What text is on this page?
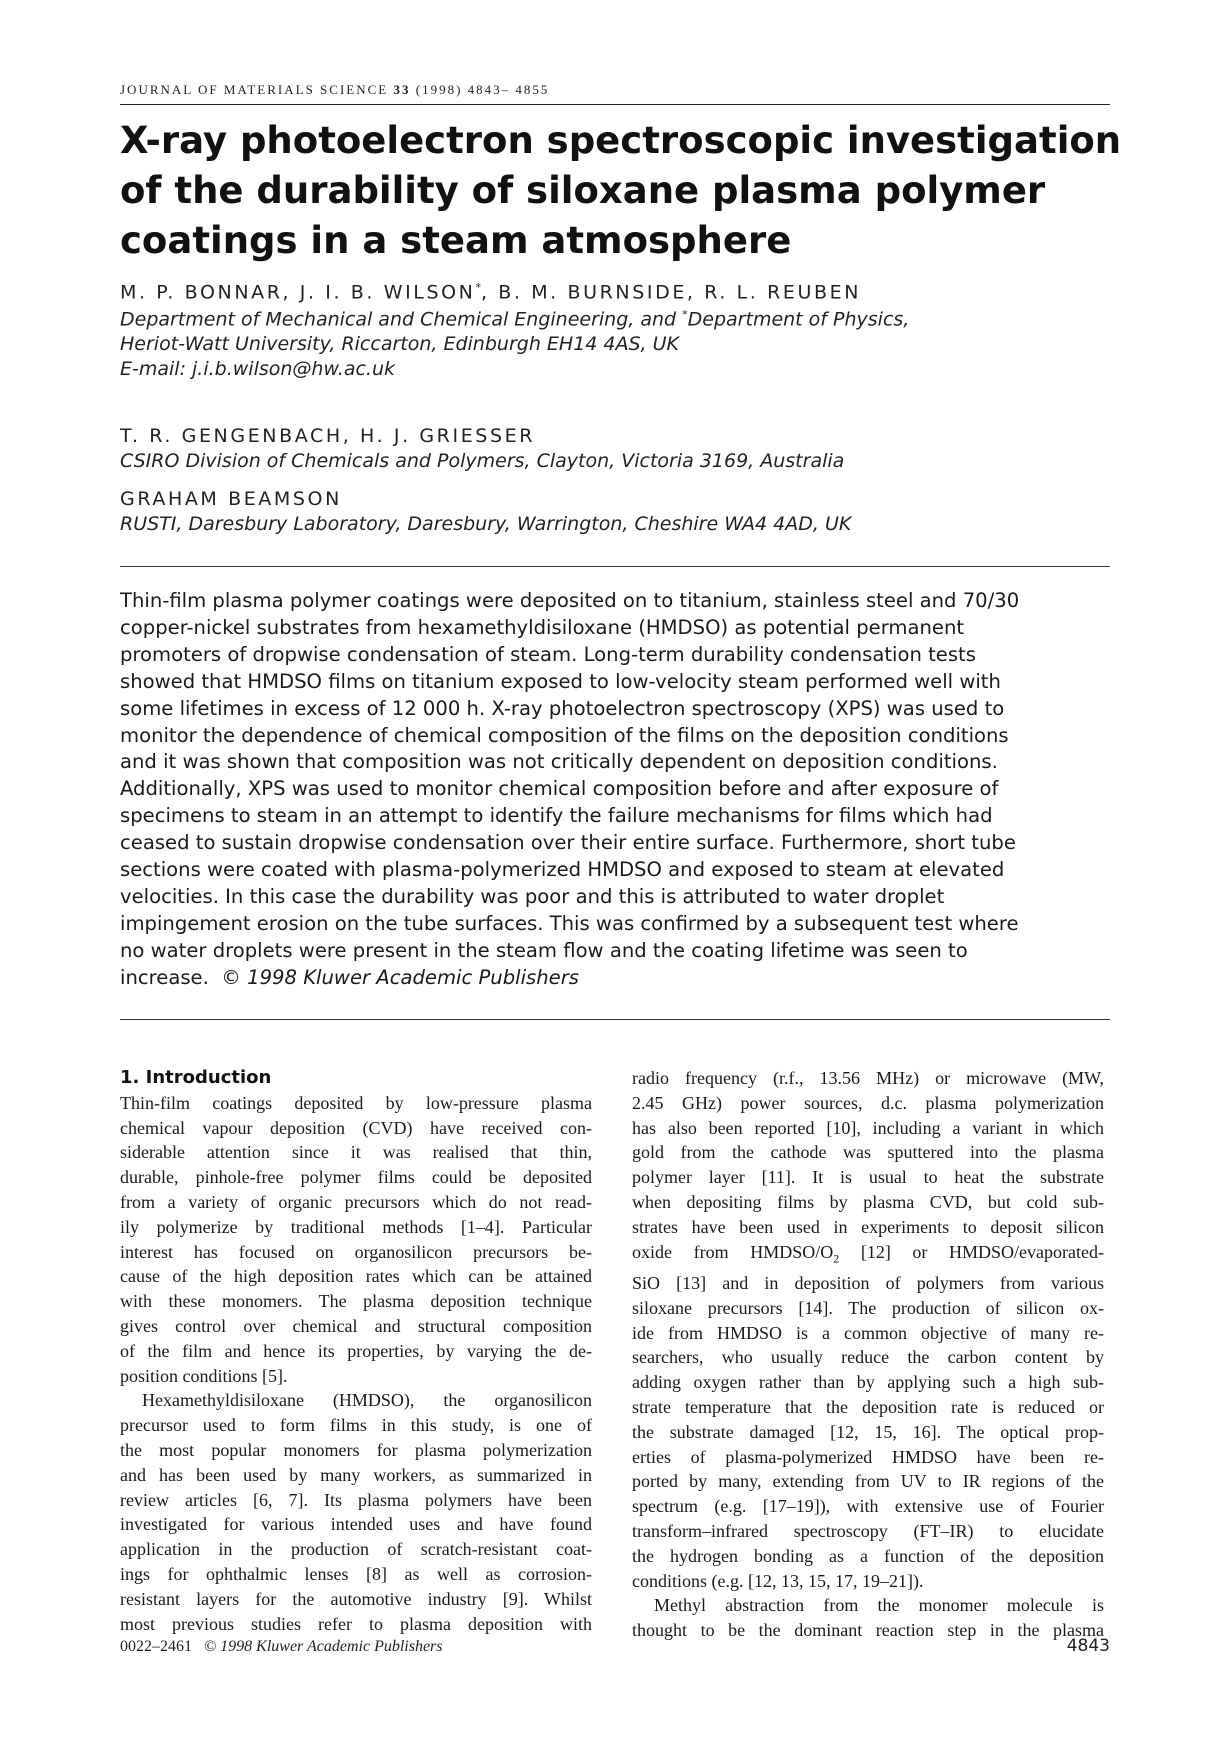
JOURNAL OF MATERIALS SCIENCE 33 (1998) 4843– 4855
X-ray photoelectron spectroscopic investigation
of the durability of siloxane plasma polymer
coatings in a steam atmosphere
M. P. BONNAR, J. I. B. WILSON*, B. M. BURNSIDE, R. L. REUBEN
Department of Mechanical and Chemical Engineering, and *Department of Physics,
Heriot-Watt University, Riccarton, Edinburgh EH14 4AS, UK
E-mail: j.i.b.wilson@hw.ac.uk
T. R. GENGENBACH, H. J. GRIESSER
CSIRO Division of Chemicals and Polymers, Clayton, Victoria 3169, Australia
GRAHAM BEAMSON
RUSTI, Daresbury Laboratory, Daresbury, Warrington, Cheshire WA4 4AD, UK
Thin-film plasma polymer coatings were deposited on to titanium, stainless steel and 70/30
copper-nickel substrates from hexamethyldisiloxane (HMDSO) as potential permanent
promoters of dropwise condensation of steam. Long-term durability condensation tests
showed that HMDSO films on titanium exposed to low-velocity steam performed well with
some lifetimes in excess of 12 000 h. X-ray photoelectron spectroscopy (XPS) was used to
monitor the dependence of chemical composition of the films on the deposition conditions
and it was shown that composition was not critically dependent on deposition conditions.
Additionally, XPS was used to monitor chemical composition before and after exposure of
specimens to steam in an attempt to identify the failure mechanisms for films which had
ceased to sustain dropwise condensation over their entire surface. Furthermore, short tube
sections were coated with plasma-polymerized HMDSO and exposed to steam at elevated
velocities. In this case the durability was poor and this is attributed to water droplet
impingement erosion on the tube surfaces. This was confirmed by a subsequent test where
no water droplets were present in the steam flow and the coating lifetime was seen to
increase. © 1998 Kluwer Academic Publishers
1. Introduction
Thin-film coatings deposited by low-pressure plasma
chemical vapour deposition (CVD) have received con-
siderable attention since it was realised that thin,
durable, pinhole-free polymer films could be deposited
from a variety of organic precursors which do not read-
ily polymerize by traditional methods [1–4]. Particular
interest has focused on organosilicon precursors be-
cause of the high deposition rates which can be attained
with these monomers. The plasma deposition technique
gives control over chemical and structural composition
of the film and hence its properties, by varying the de-
position conditions [5].
Hexamethyldisiloxane (HMDSO), the organosilicon
precursor used to form films in this study, is one of
the most popular monomers for plasma polymerization
and has been used by many workers, as summarized in
review articles [6, 7]. Its plasma polymers have been
investigated for various intended uses and have found
application in the production of scratch-resistant coat-
ings for ophthalmic lenses [8] as well as corrosion-
resistant layers for the automotive industry [9]. Whilst
most previous studies refer to plasma deposition with
radio frequency (r.f., 13.56 MHz) or microwave (MW,
2.45 GHz) power sources, d.c. plasma polymerization
has also been reported [10], including a variant in which
gold from the cathode was sputtered into the plasma
polymer layer [11]. It is usual to heat the substrate
when depositing films by plasma CVD, but cold sub-
strates have been used in experiments to deposit silicon
oxide from HMDSO/$O_2$ [12] or HMDSO/evaporated-
SiO [13] and in deposition of polymers from various
siloxane precursors [14]. The production of silicon ox-
ide from HMDSO is a common objective of many re-
searchers, who usually reduce the carbon content by
adding oxygen rather than by applying such a high sub-
strate temperature that the deposition rate is reduced or
the substrate damaged [12, 15, 16]. The optical prop-
erties of plasma-polymerized HMDSO have been re-
ported by many, extending from UV to IR regions of the
spectrum (e.g. [17–19]), with extensive use of Fourier
transform–infrared spectroscopy (FT–IR) to elucidate
the hydrogen bonding as a function of the deposition
conditions (e.g. [12, 13, 15, 17, 19–21]).
Methyl abstraction from the monomer molecule is
thought to be the dominant reaction step in the plasma
0022–2461 © 1998 Kluwer Academic Publishers	4843
